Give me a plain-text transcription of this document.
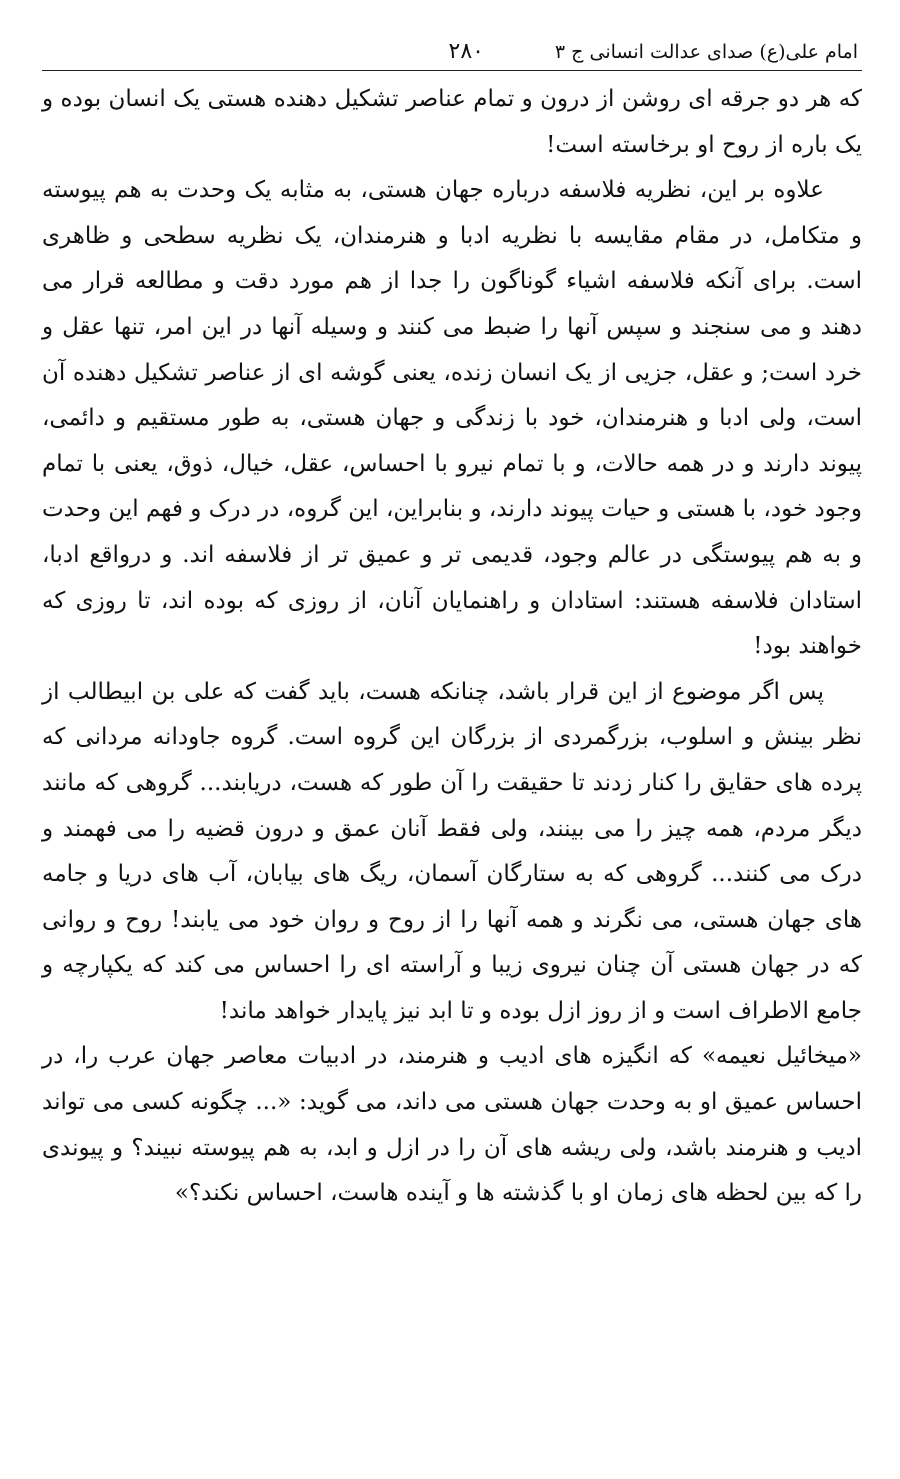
امام علی(ع) صدای عدالت انسانی ج ۳
۲۸۰

که هر دو جرقه ای روشن از درون و تمام عناصر تشکیل دهنده هستی یک انسان بوده و یک باره از روح او برخاسته است!

علاوه بر این، نظریه فلاسفه درباره جهان هستی، به مثابه یک وحدت به هم پیوسته و متکامل، در مقام مقایسه با نظریه ادبا و هنرمندان، یک نظریه سطحی و ظاهری است. برای آنکه فلاسفه اشیاء گوناگون را جدا از هم مورد دقت و مطالعه قرار می دهند و می سنجند و سپس آنها را ضبط می کنند و وسیله آنها در این امر، تنها عقل و خرد است; و عقل، جزیی از یک انسان زنده، یعنی گوشه ای از عناصر تشکیل دهنده آن است، ولی ادبا و هنرمندان، خود با زندگی و جهان هستی، به طور مستقیم و دائمی، پیوند دارند و در همه حالات، و با تمام نیرو با احساس، عقل، خیال، ذوق، یعنی با تمام وجود خود، با هستی و حیات پیوند دارند، و بنابراین، این گروه، در درک و فهم این وحدت و به هم پیوستگی در عالم وجود، قدیمی تر و عمیق تر از فلاسفه اند. و درواقع ادبا، استادان فلاسفه هستند: استادان و راهنمایان آنان، از روزی که بوده اند، تا روزی که خواهند بود!

پس اگر موضوع از این قرار باشد، چنانکه هست، باید گفت که علی بن ابیطالب از نظر بینش و اسلوب، بزرگمردی از بزرگان این گروه است. گروه جاودانه مردانی که پرده های حقایق را کنار زدند تا حقیقت را آن طور که هست، دریابند... گروهی که مانند دیگر مردم، همه چیز را می بینند، ولی فقط آنان عمق و درون قضیه را می فهمند و درک می کنند... گروهی که به ستارگان آسمان، ریگ های بیابان، آب های دریا و جامه های جهان هستی، می نگرند و همه آنها را از روح و روان خود می یابند! روح و روانی که در جهان هستی آن چنان نیروی زیبا و آراسته ای را احساس می کند که یکپارچه و جامع الاطراف است و از روز ازل بوده و تا ابد نیز پایدار خواهد ماند!

«میخائیل نعیمه» که انگیزه های ادیب و هنرمند، در ادبیات معاصر جهان عرب را، در احساس عمیق او به وحدت جهان هستی می داند، می گوید: «... چگونه کسی می تواند ادیب و هنرمند باشد، ولی ریشه های آن را در ازل و ابد، به هم پیوسته نبیند؟ و پیوندی را که بین لحظه های زمان او با گذشته ها و آینده هاست، احساس نکند؟»
